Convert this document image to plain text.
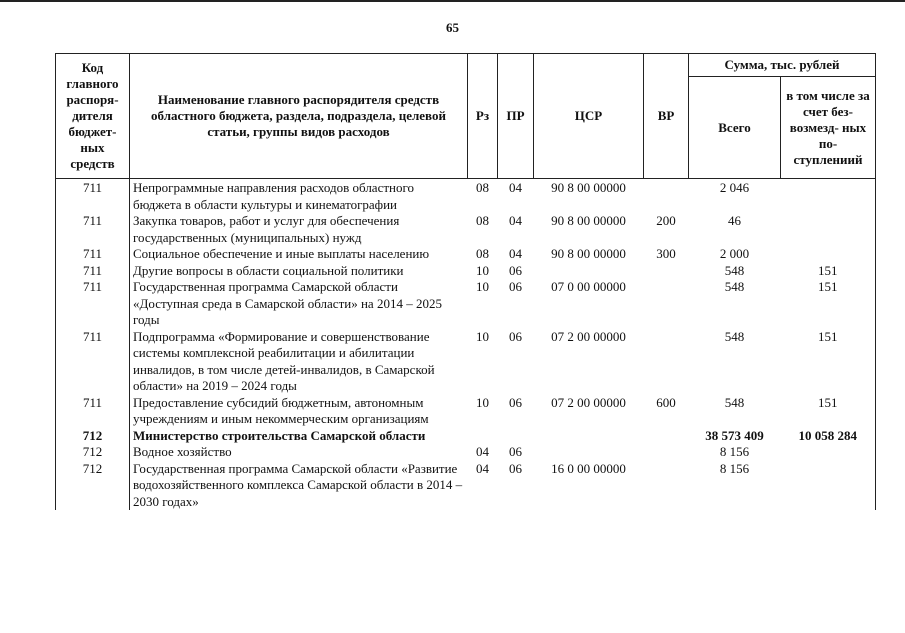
65
Код главного распоря- дителя бюджет- ных средств	Наименование главного распорядителя средств областного бюджета, раздела, подраздела, целевой статьи, группы видов расходов	Рз	ПР	ЦСР	ВР	Сумма, тыс. рублей	
						Всего	в том числе за счет без- возмезд- ных по- ступлениий
711	Непрограммные направления расходов областного бюджета в области культуры и кинематографии	08	04	90 8 00 00000		2 046	
711	Закупка товаров, работ и услуг для обеспечения государственных (муниципальных) нужд	08	04	90 8 00 00000	200	46	
711	Социальное обеспечение и иные выплаты населению	08	04	90 8 00 00000	300	2 000	
711	Другие вопросы в области социальной политики	10	06			548	151
711	Государственная программа Самарской области «Доступная среда в Самарской области» на 2014 – 2025 годы	10	06	07 0 00 00000		548	151
711	Подпрограмма «Формирование и совершенствование системы комплексной реабилитации и абилитации инвалидов, в том числе детей-инвалидов, в Самарской области» на 2019 – 2024 годы	10	06	07 2 00 00000		548	151
711	Предоставление субсидий бюджетным, автономным учреждениям и иным некоммерческим организациям	10	06	07 2 00 00000	600	548	151
712	Министерство строительства Самарской области					38 573 409	10 058 284
712	Водное хозяйство	04	06			8 156	
712	Государственная программа Самарской области «Развитие водохозяйственного комплекса Самарской области в 2014 – 2030 годах»	04	06	16 0 00 00000		8 156	
